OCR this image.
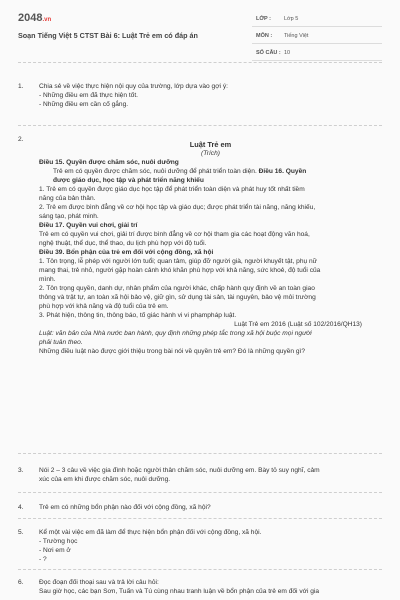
2048.vn
Soạn Tiếng Việt 5 CTST Bài 6: Luật Trẻ em có đáp án
LỚP : Lớp 5
MÔN : Tiếng Việt
SỐ CÂU : 10
1. Chia sẻ về việc thực hiện nội quy của trường, lớp dựa vào gợi ý:
- Những điều em đã thực hiện tốt.
- Những điều em cần cố gắng.
2.
Luật Trẻ em
(Trích)
Điều 15. Quyền được chăm sóc, nuôi dưỡng
Trẻ em có quyền được chăm sóc, nuôi dưỡng để phát triển toàn diện. Điều 16. Quyền
được giáo dục, học tập và phát triển năng khiếu
1. Trẻ em có quyền được giáo dục học tập để phát triển toàn diện và phát huy tốt nhất tiềm
năng của bản thân.
2. Trẻ em được bình đẳng về cơ hội học tập và giáo dục; được phát triển tài năng, năng khiếu,
sáng tạo, phát minh.
Điều 17. Quyền vui chơi, giải trí
Trẻ em có quyền vui chơi, giải trí được bình đẳng về cơ hội tham gia các hoạt động văn hoá,
nghệ thuật, thể dục, thể thao, du lịch phù hợp với độ tuổi.
Điều 39. Bổn phận của trẻ em đối với cộng đồng, xã hội
1. Tôn trọng, lễ phép với người lớn tuổi; quan tâm, giúp đỡ người già, người khuyết tật, phụ nữ
mang thai, trẻ nhỏ, người gặp hoàn cảnh khó khăn phù hợp với khả năng, sức khoẻ, độ tuổi của
mình.
2. Tôn trọng quyền, danh dự, nhân phẩm của người khác, chấp hành quy định về an toàn giao
thông và trật tự, an toàn xã hội bảo vệ, giữ gìn, sử dụng tài sản, tài nguyên, bảo vệ môi trường
phù hợp với khả năng và độ tuổi của trẻ em.
3. Phát hiện, thông tin, thông báo, tố giác hành vi vi phạmpháp luật.
Luật Trẻ em 2016 (Luật số 102/2016/QH13)
Luật: văn bản của Nhà nước ban hành, quy định những phép tắc trong xã hội buộc mọi người
phải tuân theo.
Những điều luật nào được giới thiệu trong bài nói về quyền trẻ em? Đó là những quyền gì?
3. Nói 2 – 3 câu về việc gia đình hoặc người thân chăm sóc, nuôi dưỡng em. Bày tỏ suy nghĩ, cảm
xúc của em khi được chăm sóc, nuôi dưỡng.
4. Trẻ em có những bổn phận nào đối với cộng đồng, xã hội?
5. Kể một vài việc em đã làm để thực hiện bổn phận đối với cộng đồng, xã hội.
- Trường học
- Nơi em ở
- ?
6. Đọc đoạn đối thoại sau và trả lời câu hỏi:
Sau giờ học, các bạn Sơn, Tuấn và Tú cùng nhau tranh luận về bổn phận của trẻ em đối với gia
